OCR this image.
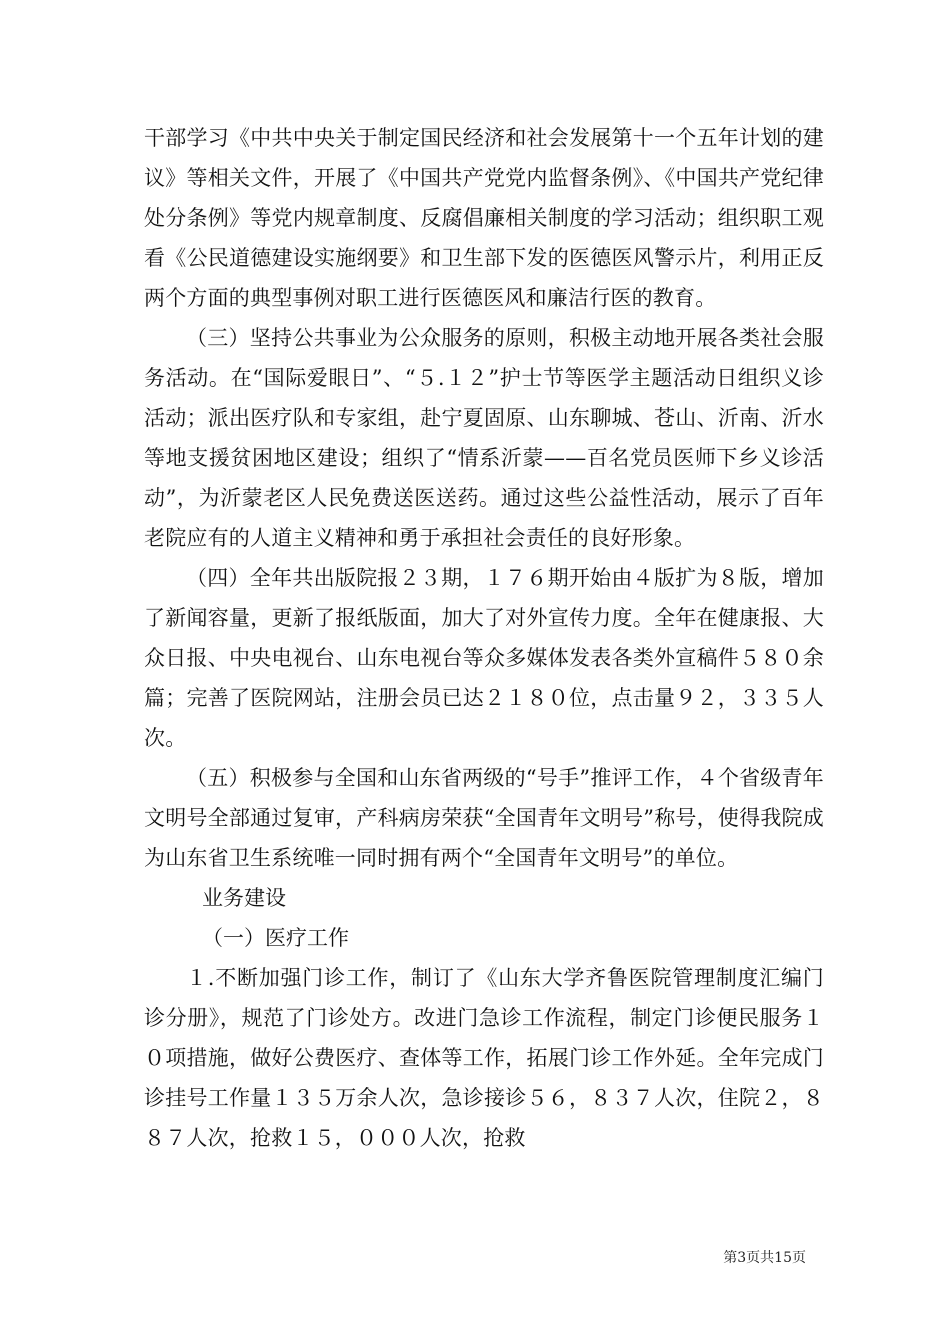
干部学习《中共中央关于制定国民经济和社会发展第十一个五年计划的建议》等相关文件，开展了《中国共产党党内监督条例》、《中国共产党纪律处分条例》等党内规章制度、反腐倡廉相关制度的学习活动；组织职工观看《公民道德建设实施纲要》和卫生部下发的医德医风警示片，利用正反两个方面的典型事例对职工进行医德医风和廉洁行医的教育。

（三）坚持公共事业为公众服务的原则，积极主动地开展各类社会服务活动。在“国际爱眼日”、“５.１２”护士节等医学主题活动日组织义诊活动；派出医疗队和专家组，赴宁夏固原、山东聊城、苍山、沂南、沂水等地支援贫困地区建设；组织了“情系沂蒙——百名党员医师下乡义诊活动”，为沂蒙老区人民免费送医送药。通过这些公益性活动，展示了百年老院应有的人道主义精神和勇于承担社会责任的良好形象。

（四）全年共出版院报２３期，１７６期开始由４版扩为８版，增加了新闻容量，更新了报纸版面，加大了对外宣传力度。全年在健康报、大众日报、中央电视台、山东电视台等众多媒体发表各类外宣稿件５８０余篇；完善了医院网站，注册会员已达２１８０位，点击量９２，３３５人次。

（五）积极参与全国和山东省两级的“号手”推评工作，４个省级青年文明号全部通过复审，产科病房荣获“全国青年文明号”称号，使得我院成为山东省卫生系统唯一同时拥有两个“全国青年文明号”的单位。

业务建设

（一）医疗工作

１.不断加强门诊工作，制订了《山东大学齐鲁医院管理制度汇编门诊分册》，规范了门诊处方。改进门急诊工作流程，制定门诊便民服务１０项措施，做好公费医疗、查体等工作，拓展门诊工作外延。全年完成门诊挂号工作量１３５万余人次，急诊接诊５６，８３７人次，住院２，８８７人次，抢救１５，０００人次，抢救

第3页共15页
